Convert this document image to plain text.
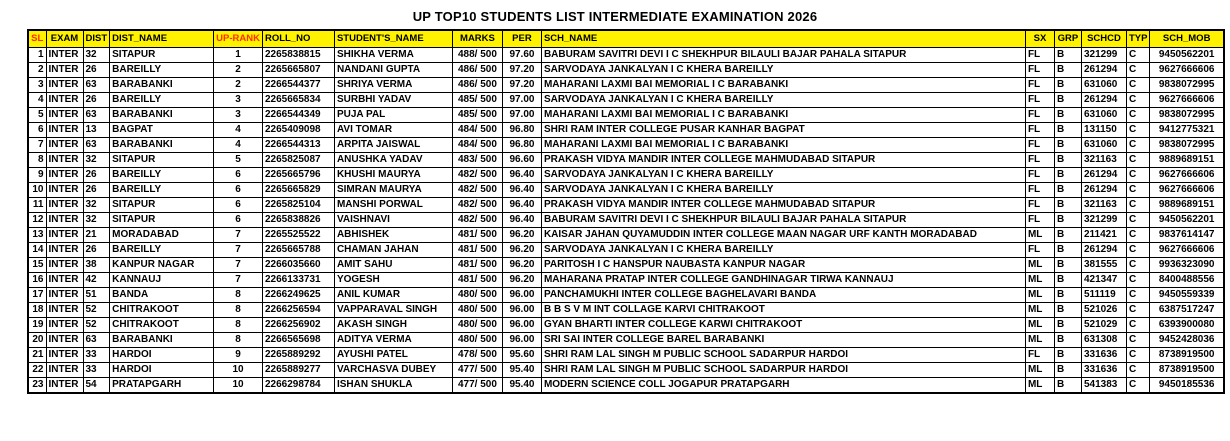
UP TOP10 STUDENTS LIST INTERMEDIATE EXAMINATION 2026
SL	EXAM	DIST	DIST_NAME	UP-RANK	ROLL_NO	STUDENT'S_NAME	MARKS	PER	SCH_NAME	SX	GRP	SCHCD	TYP	SCH_MOB
1	INTER	32	SITAPUR	1	2265838815	SHIKHA VERMA	488/ 500	97.60	BABURAM SAVITRI DEVI I C SHEKHPUR BILAULI BAJAR PAHALA SITAPUR	FL	B	321299	C	9450562201
2	INTER	26	BAREILLY	2	2265665807	NANDANI GUPTA	486/ 500	97.20	SARVODAYA JANKALYAN I C KHERA BAREILLY	FL	B	261294	C	9627666606
3	INTER	63	BARABANKI	2	2266544377	SHRIYA VERMA	486/ 500	97.20	MAHARANI LAXMI BAI MEMORIAL I C BARABANKI	FL	B	631060	C	9838072995
4	INTER	26	BAREILLY	3	2265665834	SURBHI YADAV	485/ 500	97.00	SARVODAYA JANKALYAN I C KHERA BAREILLY	FL	B	261294	C	9627666606
5	INTER	63	BARABANKI	3	2266544349	PUJA PAL	485/ 500	97.00	MAHARANI LAXMI BAI MEMORIAL I C BARABANKI	FL	B	631060	C	9838072995
6	INTER	13	BAGPAT	4	2265409098	AVI TOMAR	484/ 500	96.80	SHRI RAM INTER COLLEGE PUSAR KANHAR BAGPAT	FL	B	131150	C	9412775321
7	INTER	63	BARABANKI	4	2266544313	ARPITA JAISWAL	484/ 500	96.80	MAHARANI LAXMI BAI MEMORIAL I C BARABANKI	FL	B	631060	C	9838072995
8	INTER	32	SITAPUR	5	2265825087	ANUSHKA YADAV	483/ 500	96.60	PRAKASH VIDYA MANDIR INTER COLLEGE MAHMUDABAD SITAPUR	FL	B	321163	C	9889689151
9	INTER	26	BAREILLY	6	2265665796	KHUSHI MAURYA	482/ 500	96.40	SARVODAYA JANKALYAN I C KHERA BAREILLY	FL	B	261294	C	9627666606
10	INTER	26	BAREILLY	6	2265665829	SIMRAN MAURYA	482/ 500	96.40	SARVODAYA JANKALYAN I C KHERA BAREILLY	FL	B	261294	C	9627666606
11	INTER	32	SITAPUR	6	2265825104	MANSHI PORWAL	482/ 500	96.40	PRAKASH VIDYA MANDIR INTER COLLEGE MAHMUDABAD SITAPUR	FL	B	321163	C	9889689151
12	INTER	32	SITAPUR	6	2265838826	VAISHNAVI	482/ 500	96.40	BABURAM SAVITRI DEVI I C SHEKHPUR BILAULI BAJAR PAHALA SITAPUR	FL	B	321299	C	9450562201
13	INTER	21	MORADABAD	7	2265525522	ABHISHEK	481/ 500	96.20	KAISAR JAHAN QUYAMUDDIN INTER COLLEGE MAAN NAGAR URF KANTH MORADABAD	ML	B	211421	C	9837614147
14	INTER	26	BAREILLY	7	2265665788	CHAMAN JAHAN	481/ 500	96.20	SARVODAYA JANKALYAN I C KHERA BAREILLY	FL	B	261294	C	9627666606
15	INTER	38	KANPUR NAGAR	7	2266035660	AMIT SAHU	481/ 500	96.20	PARITOSH I C HANSPUR NAUBASTA KANPUR NAGAR	ML	B	381555	C	9936323090
16	INTER	42	KANNAUJ	7	2266133731	YOGESH	481/ 500	96.20	MAHARANA PRATAP INTER COLLEGE GANDHINAGAR TIRWA KANNAUJ	ML	B	421347	C	8400488556
17	INTER	51	BANDA	8	2266249625	ANIL KUMAR	480/ 500	96.00	PANCHAMUKHI INTER COLLEGE BAGHELAVARI BANDA	ML	B	511119	C	9450559339
18	INTER	52	CHITRAKOOT	8	2266256594	VAPPARAVAL SINGH	480/ 500	96.00	B B S V M INT COLLAGE KARVI CHITRAKOOT	ML	B	521026	C	6387517247
19	INTER	52	CHITRAKOOT	8	2266256902	AKASH SINGH	480/ 500	96.00	GYAN BHARTI INTER COLLEGE KARWI CHITRAKOOT	ML	B	521029	C	6393900080
20	INTER	63	BARABANKI	8	2266565698	ADITYA VERMA	480/ 500	96.00	SRI SAI INTER COLLEGE BAREL BARABANKI	ML	B	631308	C	9452428036
21	INTER	33	HARDOI	9	2265889292	AYUSHI PATEL	478/ 500	95.60	SHRI RAM LAL SINGH M PUBLIC SCHOOL SADARPUR HARDOI	FL	B	331636	C	8738919500
22	INTER	33	HARDOI	10	2265889277	VARCHASVA DUBEY	477/ 500	95.40	SHRI RAM LAL SINGH M PUBLIC SCHOOL SADARPUR HARDOI	ML	B	331636	C	8738919500
23	INTER	54	PRATAPGARH	10	2266298784	ISHAN SHUKLA	477/ 500	95.40	MODERN SCIENCE COLL JOGAPUR PRATAPGARH	ML	B	541383	C	9450185536
